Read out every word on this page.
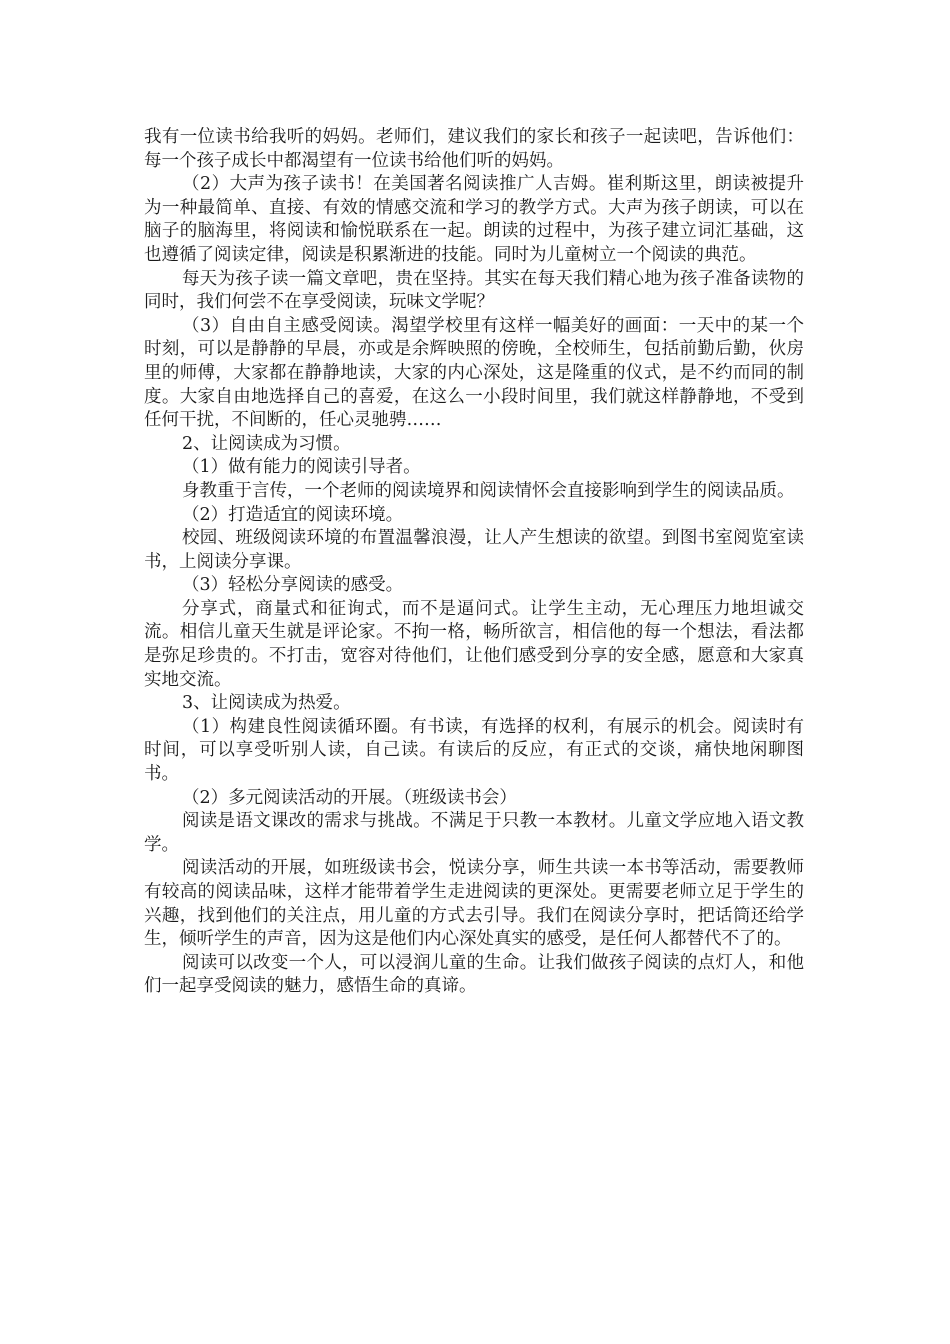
我有一位读书给我听的妈妈。老师们，建议我们的家长和孩子一起读吧，告诉他们：每一个孩子成长中都渴望有一位读书给他们听的妈妈。

（2）大声为孩子读书！在美国著名阅读推广人吉姆。崔利斯这里，朗读被提升为一种最简单、直接、有效的情感交流和学习的教学方式。大声为孩子朗读，可以在脑子的脑海里，将阅读和愉悦联系在一起。朗读的过程中，为孩子建立词汇基础，这也遵循了阅读定律，阅读是积累渐进的技能。同时为儿童树立一个阅读的典范。

每天为孩子读一篇文章吧，贵在坚持。其实在每天我们精心地为孩子准备读物的同时，我们何尝不在享受阅读，玩味文学呢？

（3）自由自主感受阅读。渴望学校里有这样一幅美好的画面：一天中的某一个时刻，可以是静静的早晨，亦或是余辉映照的傍晚，全校师生，包括前勤后勤，伙房里的师傅，大家都在静静地读，大家的内心深处，这是隆重的仪式，是不约而同的制度。大家自由地选择自己的喜爱，在这么一小段时间里，我们就这样静静地，不受到任何干扰，不间断的，任心灵驰骋……

2、让阅读成为习惯。

（1）做有能力的阅读引导者。

身教重于言传，一个老师的阅读境界和阅读情怀会直接影响到学生的阅读品质。

（2）打造适宜的阅读环境。

校园、班级阅读环境的布置温馨浪漫，让人产生想读的欲望。到图书室阅览室读书，上阅读分享课。

（3）轻松分享阅读的感受。

分享式，商量式和征询式，而不是逼问式。让学生主动，无心理压力地坦诚交流。相信儿童天生就是评论家。不拘一格，畅所欲言，相信他的每一个想法，看法都是弥足珍贵的。不打击，宽容对待他们，让他们感受到分享的安全感，愿意和大家真实地交流。

3、让阅读成为热爱。

（1）构建良性阅读循环圈。有书读，有选择的权利，有展示的机会。阅读时有时间，可以享受听别人读，自己读。有读后的反应，有正式的交谈，痛快地闲聊图书。

（2）多元阅读活动的开展。（班级读书会）

阅读是语文课改的需求与挑战。不满足于只教一本教材。儿童文学应地入语文教学。

阅读活动的开展，如班级读书会，悦读分享，师生共读一本书等活动，需要教师有较高的阅读品味，这样才能带着学生走进阅读的更深处。更需要老师立足于学生的兴趣，找到他们的关注点，用儿童的方式去引导。我们在阅读分享时，把话筒还给学生，倾听学生的声音，因为这是他们内心深处真实的感受，是任何人都替代不了的。

阅读可以改变一个人，可以浸润儿童的生命。让我们做孩子阅读的点灯人，和他们一起享受阅读的魅力，感悟生命的真谛。
